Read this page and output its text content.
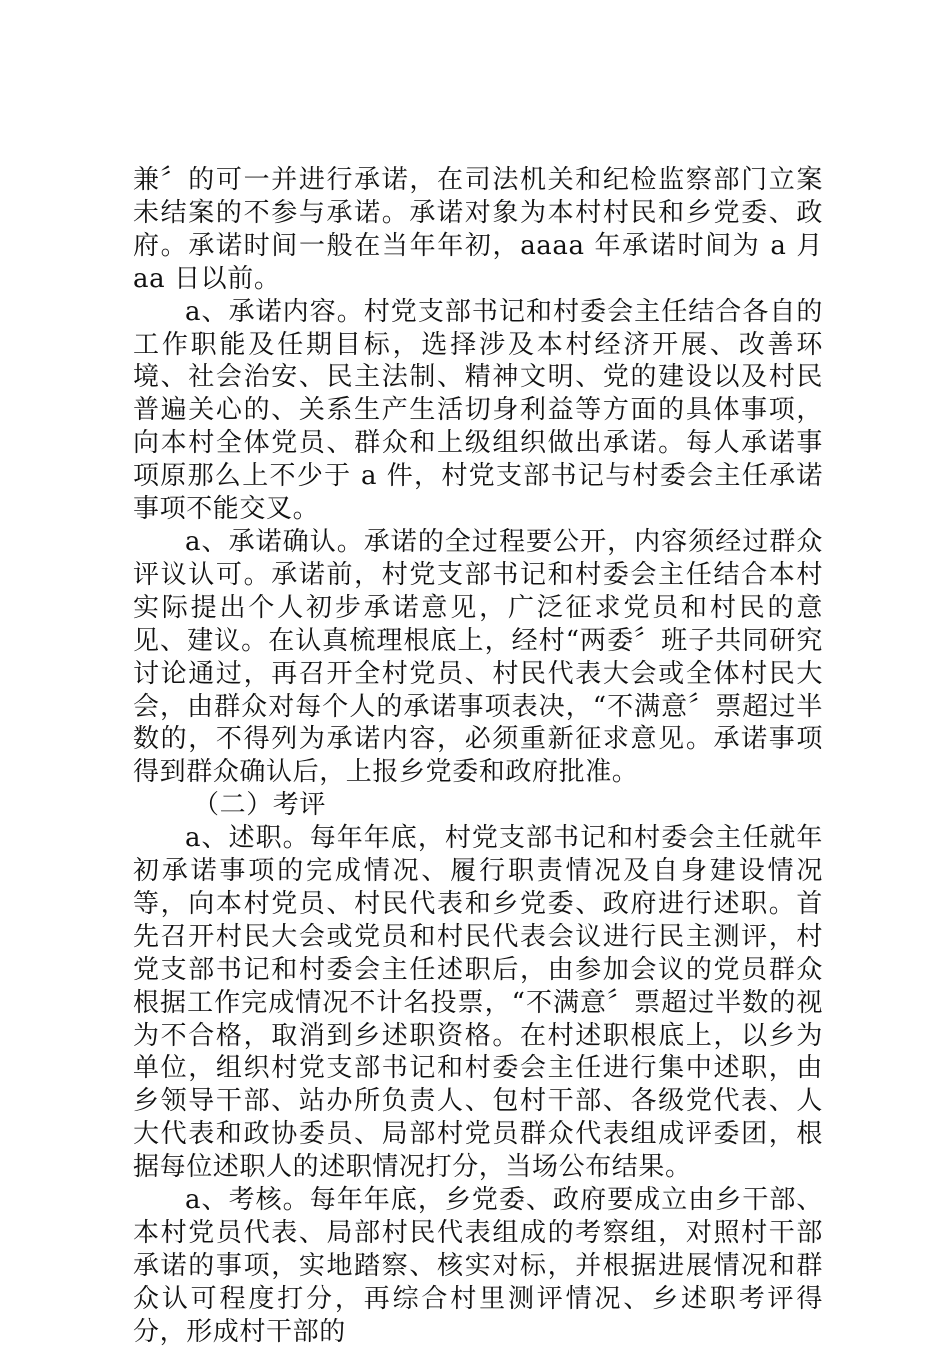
兼〞的可一并进行承诺，在司法机关和纪检监察部门立案未结案的不参与承诺。承诺对象为本村村民和乡党委、政府。承诺时间一般在当年年初，aaaa 年承诺时间为 a 月 aa 日以前。

a、承诺内容。村党支部书记和村委会主任结合各自的工作职能及任期目标，选择涉及本村经济开展、改善环境、社会治安、民主法制、精神文明、党的建设以及村民普遍关心的、关系生产生活切身利益等方面的具体事项，向本村全体党员、群众和上级组织做出承诺。每人承诺事项原那么上不少于 a 件，村党支部书记与村委会主任承诺事项不能交叉。

a、承诺确认。承诺的全过程要公开，内容须经过群众评议认可。承诺前，村党支部书记和村委会主任结合本村实际提出个人初步承诺意见，广泛征求党员和村民的意见、建议。在认真梳理根底上，经村“两委〞班子共同研究讨论通过，再召开全村党员、村民代表大会或全体村民大会，由群众对每个人的承诺事项表决，“不满意〞票超过半数的，不得列为承诺内容，必须重新征求意见。承诺事项得到群众确认后，上报乡党委和政府批准。

（二）考评

a、述职。每年年底，村党支部书记和村委会主任就年初承诺事项的完成情况、履行职责情况及自身建设情况等，向本村党员、村民代表和乡党委、政府进行述职。首先召开村民大会或党员和村民代表会议进行民主测评，村党支部书记和村委会主任述职后，由参加会议的党员群众根据工作完成情况不计名投票，“不满意〞票超过半数的视为不合格，取消到乡述职资格。在村述职根底上，以乡为单位，组织村党支部书记和村委会主任进行集中述职，由乡领导干部、站办所负责人、包村干部、各级党代表、人大代表和政协委员、局部村党员群众代表组成评委团，根据每位述职人的述职情况打分，当场公布结果。

a、考核。每年年底，乡党委、政府要成立由乡干部、本村党员代表、局部村民代表组成的考察组，对照村干部承诺的事项，实地踏察、核实对标，并根据进展情况和群众认可程度打分，再综合村里测评情况、乡述职考评得分，形成村干部的
